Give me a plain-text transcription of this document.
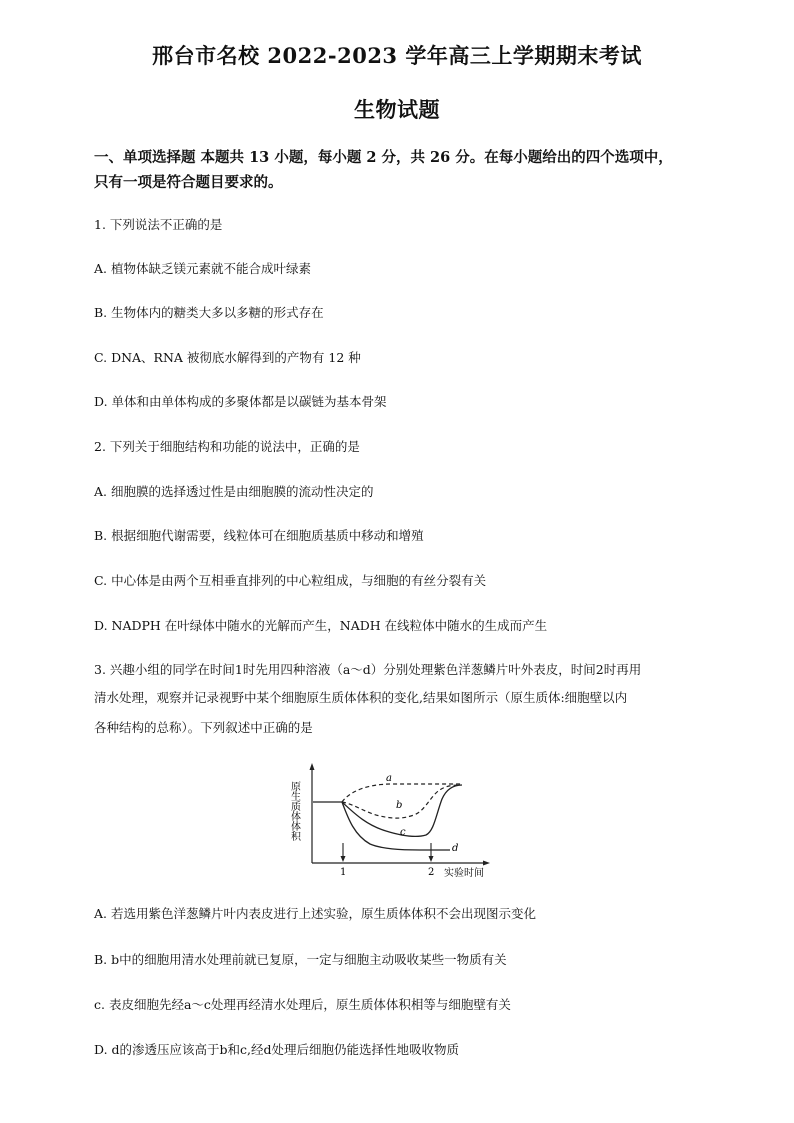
邢台市名校 2022-2023 学年高三上学期期末考试
生物试题
一、单项选择题 本题共 13 小题，每小题 2 分，共 26 分。在每小题给出的四个选项中，
只有一项是符合题目要求的。
1. 下列说法不正确的是
A. 植物体缺乏镁元素就不能合成叶绿素
B. 生物体内的糖类大多以多糖的形式存在
C. DNA、RNA 被彻底水解得到的产物有 12 种
D. 单体和由单体构成的多聚体都是以碳链为基本骨架
2. 下列关于细胞结构和功能的说法中，正确的是
A. 细胞膜的选择透过性是由细胞膜的流动性决定的
B. 根据细胞代谢需要，线粒体可在细胞质基质中移动和增殖
C. 中心体是由两个互相垂直排列的中心粒组成，与细胞的有丝分裂有关
D. NADPH 在叶绿体中随水的光解而产生，NADH 在线粒体中随水的生成而产生
3. 兴趣小组的同学在时间1时先用四种溶液（a～d）分别处理紫色洋葱鳞片叶外表皮，时间2时再用
清水处理，观察并记录视野中某个细胞原生质体体积的变化,结果如图所示（原生质体:细胞壁以内
各种结构的总称）。下列叙述中正确的是
原生质体体积
1	2 实验时间
a
b
c
d
A. 若选用紫色洋葱鳞片叶内表皮进行上述实验，原生质体体积不会出现图示变化
B. b中的细胞用清水处理前就已复原，一定与细胞主动吸收某些一物质有关
c. 表皮细胞先经a～c处理再经清水处理后，原生质体体积相等与细胞壁有关
D. d的渗透压应该高于b和c,经d处理后细胞仍能选择性地吸收物质
